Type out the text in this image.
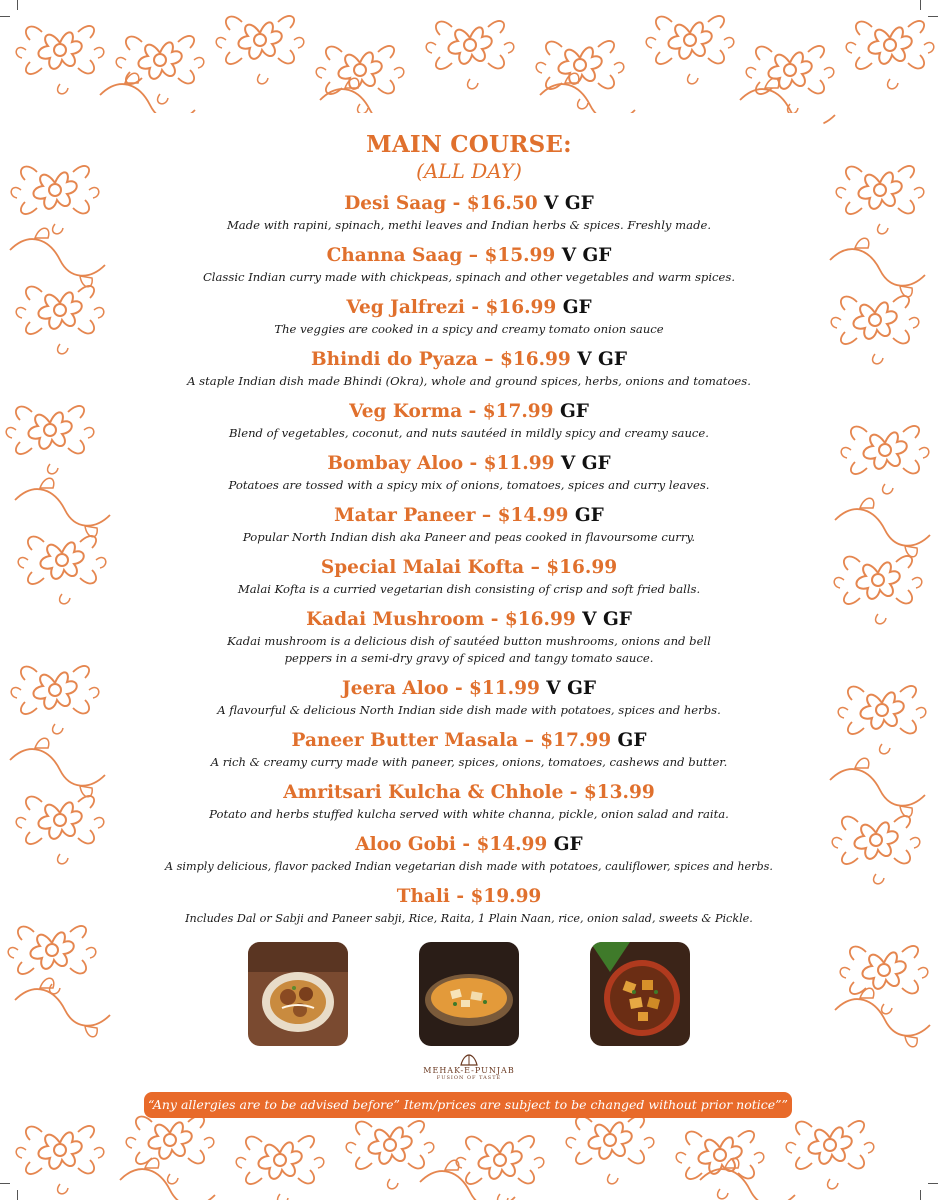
MAIN COURSE:
(ALL DAY)
Desi Saag - $16.50 V GF
Made with rapini, spinach, methi leaves and Indian herbs & spices. Freshly made.
Channa Saag – $15.99 V GF
Classic Indian curry made with chickpeas, spinach and other vegetables and warm spices.
Veg Jalfrezi - $16.99 GF
The veggies are cooked in a spicy and creamy tomato onion sauce
Bhindi do Pyaza – $16.99 V GF
A staple Indian dish made Bhindi (Okra), whole and ground spices, herbs, onions and tomatoes.
Veg Korma - $17.99 GF
Blend of vegetables, coconut, and nuts sautéed in mildly spicy and creamy sauce.
Bombay Aloo - $11.99 V GF
Potatoes are tossed with a spicy mix of onions, tomatoes, spices and curry leaves.
Matar Paneer – $14.99 GF
Popular North Indian dish aka Paneer and peas cooked in flavoursome curry.
Special Malai Kofta – $16.99
Malai Kofta is a curried vegetarian dish consisting of crisp and soft fried balls.
Kadai Mushroom - $16.99 V GF
Kadai mushroom is a delicious dish of sautéed button mushrooms, onions and bell peppers in a semi-dry gravy of spiced and tangy tomato sauce.
Jeera Aloo - $11.99 V GF
A flavourful & delicious North Indian side dish made with potatoes, spices and herbs.
Paneer Butter Masala – $17.99 GF
A rich & creamy curry made with paneer, spices, onions, tomatoes, cashews and butter.
Amritsari Kulcha & Chhole - $13.99
Potato and herbs stuffed kulcha served with white channa, pickle, onion salad and raita.
Aloo Gobi - $14.99 GF
A simply delicious, flavor packed Indian vegetarian dish made with potatoes, cauliflower, spices and herbs.
Thali - $19.99
Includes Dal or Sabji and Paneer sabji, Rice, Raita, 1 Plain Naan, rice, onion salad, sweets & Pickle.
MEHAK-E-PUNJAB
FUSION OF TASTE
“Any allergies are to be advised before” Item/prices are subject to be changed without prior notice””
